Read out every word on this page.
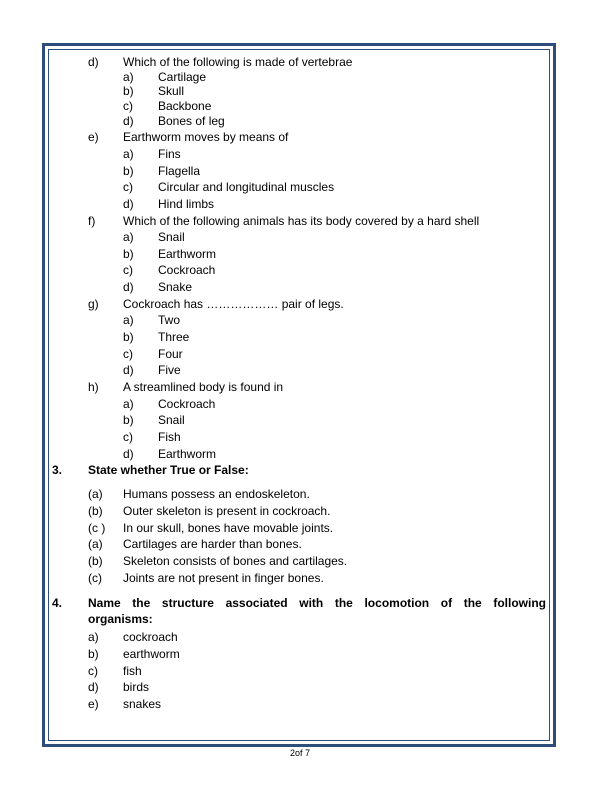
d) Which of the following is made of vertebrae
a) Cartilage
b) Skull
c) Backbone
d) Bones of leg
e) Earthworm moves by means of
a) Fins
b) Flagella
c) Circular and longitudinal muscles
d) Hind limbs
f) Which of the following animals has its body covered by a hard shell
a) Snail
b) Earthworm
c) Cockroach
d) Snake
g) Cockroach has ……………… pair of legs.
a) Two
b) Three
c) Four
d) Five
h) A streamlined body is found in
a) Cockroach
b) Snail
c) Fish
d) Earthworm
3. State whether True or False:
(a) Humans possess an endoskeleton.
(b) Outer skeleton is present in cockroach.
(c ) In our skull, bones have movable joints.
(a) Cartilages are harder than bones.
(b) Skeleton consists of bones and cartilages.
(c) Joints are not present in finger bones.
4. Name the structure associated with the locomotion of the following
organisms:
a) cockroach
b) earthworm
c) fish
d) birds
e) snakes
2of 7
